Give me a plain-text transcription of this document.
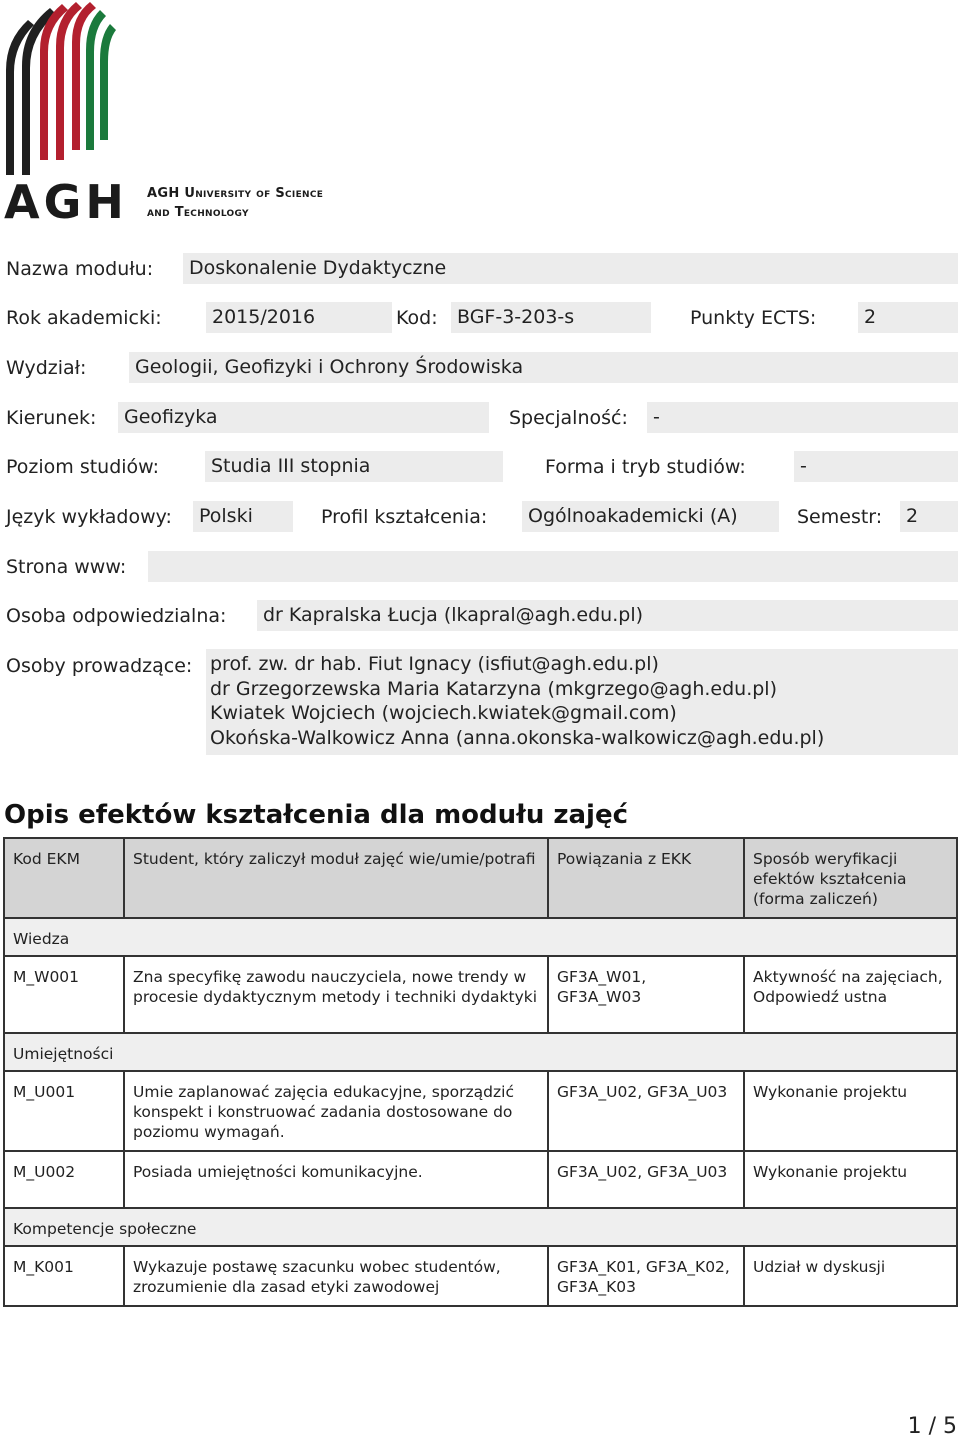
AGH AGH University of Science
and Technology
Nazwa modułu:	Doskonalenie Dydaktyczne
Rok akademicki:	2015/2016	Kod:	BGF-3-203-s	Punkty ECTS:	2
Wydział:	Geologii, Geofizyki i Ochrony Środowiska
Kierunek:	Geofizyka	Specjalność:	-
Poziom studiów:	Studia III stopnia	Forma i tryb studiów:	-
Język wykładowy:	Polski	Profil kształcenia:	Ogólnoakademicki (A)	Semestr:	2
Strona www:
Osoba odpowiedzialna:	dr Kapralska Łucja (lkapral@agh.edu.pl)
Osoby prowadzące: prof. zw. dr hab. Fiut Ignacy (isfiut@agh.edu.pl)
dr Grzegorzewska Maria Katarzyna (mkgrzego@agh.edu.pl)
Kwiatek Wojciech (wojciech.kwiatek@gmail.com)
Okońska-Walkowicz Anna (anna.okonska-walkowicz@agh.edu.pl)
Opis efektów kształcenia dla modułu zajęć
Kod EKM	Student, który zaliczył moduł zajęć wie/umie/potrafi	Powiązania z EKK	Sposób weryfikacji efektów kształcenia (forma zaliczeń)
Wiedza			
M_W001	Zna specyfikę zawodu nauczyciela, nowe trendy w procesie dydaktycznym metody i techniki dydaktyki	GF3A_W01, GF3A_W03	Aktywność na zajęciach, Odpowiedź ustna
Umiejętności			
M_U001	Umie zaplanować zajęcia edukacyjne, sporządzić konspekt i konstruować zadania dostosowane do poziomu wymagań.	GF3A_U02, GF3A_U03	Wykonanie projektu
M_U002	Posiada umiejętności komunikacyjne.	GF3A_U02, GF3A_U03	Wykonanie projektu
Kompetencje społeczne			
M_K001	Wykazuje postawę szacunku wobec studentów, zrozumienie dla zasad etyki zawodowej	GF3A_K01, GF3A_K02, GF3A_K03	Udział w dyskusji
1 / 5
